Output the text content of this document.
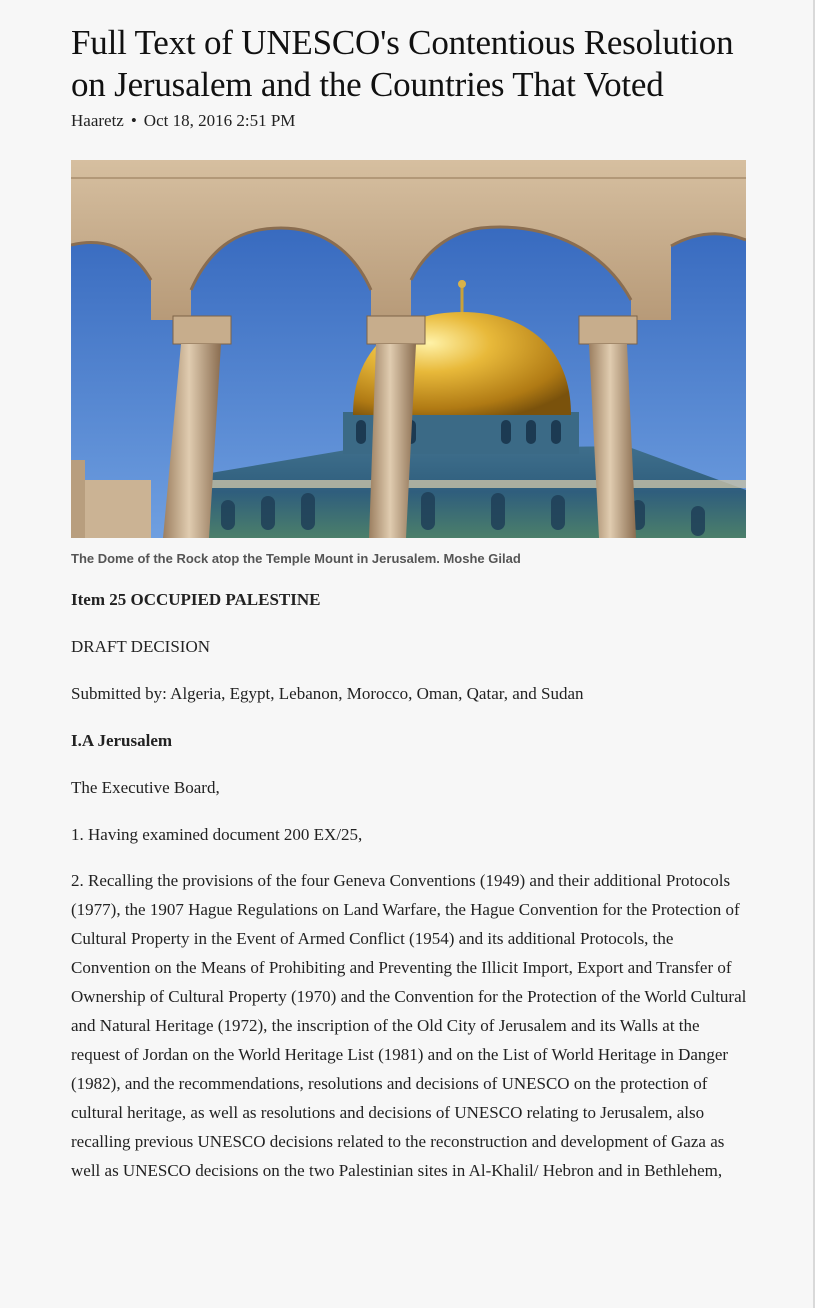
Full Text of UNESCO's Contentious Resolution on Jerusalem and the Countries That Voted
Haaretz • Oct 18, 2016 2:51 PM
The Dome of the Rock atop the Temple Mount in Jerusalem. Moshe Gilad

Item 25 OCCUPIED PALESTINE

DRAFT DECISION

Submitted by: Algeria, Egypt, Lebanon, Morocco, Oman, Qatar, and Sudan

I.A Jerusalem

The Executive Board,

1. Having examined document 200 EX/25,

2. Recalling the provisions of the four Geneva Conventions (1949) and their additional Protocols (1977), the 1907 Hague Regulations on Land Warfare, the Hague Convention for the Protection of Cultural Property in the Event of Armed Conflict (1954) and its additional Protocols, the Convention on the Means of Prohibiting and Preventing the Illicit Import, Export and Transfer of Ownership of Cultural Property (1970) and the Convention for the Protection of the World Cultural and Natural Heritage (1972), the inscription of the Old City of Jerusalem and its Walls at the request of Jordan on the World Heritage List (1981) and on the List of World Heritage in Danger (1982), and the recommendations, resolutions and decisions of UNESCO on the protection of cultural heritage, as well as resolutions and decisions of UNESCO relating to Jerusalem, also recalling previous UNESCO decisions related to the reconstruction and development of Gaza as well as UNESCO decisions on the two Palestinian sites in Al-Khalil/ Hebron and in Bethlehem,
